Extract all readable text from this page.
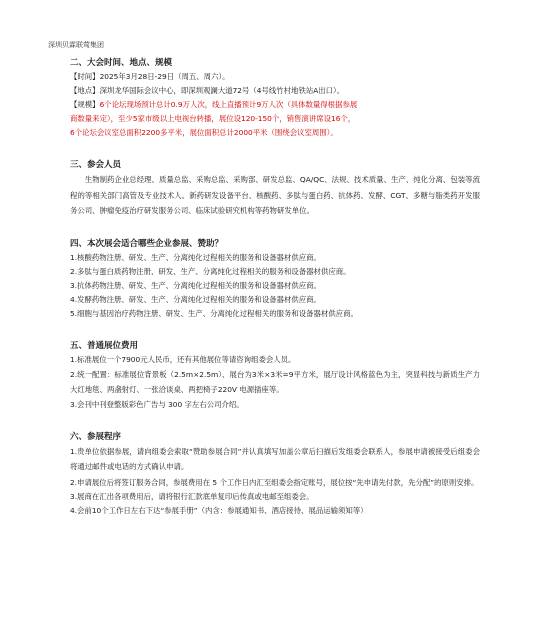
深圳贝霖联莺集团

二、大会时间、地点、规模

【时间】2025年3月28日-29日（周五、周六）。

【地点】深圳龙华国际会议中心，即深圳观澜大道72号（4号线竹村地铁站A出口）。

【规模】6个论坛现场预计总计0.9万人次，线上直播预计9万人次（具体数量得根据参展

商数量来定），至少5家市级以上电视台转播，展位设120-150个，销售演讲席设16个，

6个论坛会议室总面积2200多平米，展位面积总计2000平米（围绕会议室周围）。

三、参会人员

生物制药企业总经理、质量总监、采购总监、采购部、研发总监、QA/QC、法规、技术质量、生产、纯化分离、包装等流程的等相关部门高管及专业技术人。新药研发设备平台、核酸药、多肽与蛋白药、抗体药、发酵、CGT、多糖与脂类药开发服务公司、肿瘤免疫治疗研发服务公司、临床试验研究机构等药物研发单位。

四、本次展会适合哪些企业参展、赞助？

1.核酸药物注册、研发、生产、分离纯化过程相关的服务和设备器材供应商。

2.多肽与蛋白质药物注册、研发、生产、分离纯化过程相关的服务和设备器材供应商。

3.抗体药物注册、研发、生产、分离纯化过程相关的服务和设备器材供应商。

4.发酵药物注册、研发、生产、分离纯化过程相关的服务和设备器材供应商。

5.细胞与基因治疗药物注册、研发、生产、分离纯化过程相关的服务和设备器材供应商。

五、普通展位费用

1.标准展位一个7900元人民币，还有其他展位等请咨询组委会人员。

2.统一配置：标准展位背景板（2.5m×2.5m）、展台为3米×3米=9平方米，展厅设计风格蓝色为主，突显科技与新质生产力大红地毯、两盏射灯、一张洽谈桌、两把椅子220V 电源插座等。

3.会刊中刊登整版彩色广告与 300 字左右公司介绍。

六、参展程序

1.贵单位依据参展，请向组委会索取“赞助参展合同”并认真填写加盖公章后扫描后发组委会联系人，参展申请被接受后组委会将通过邮件或电话的方式确认申请。

2.申请展位后将签订服务合同，参展费用在 5 个工作日内汇至组委会指定账号，展位按“先申请先付款，先分配”的原则安排。

3.展商在汇出各项费用后，请将银行汇款底单复印后传真或电邮至组委会。

4.会前10个工作日左右下达“参展手册”（内含：参展通知书、酒店接待、展品运输须知等）
